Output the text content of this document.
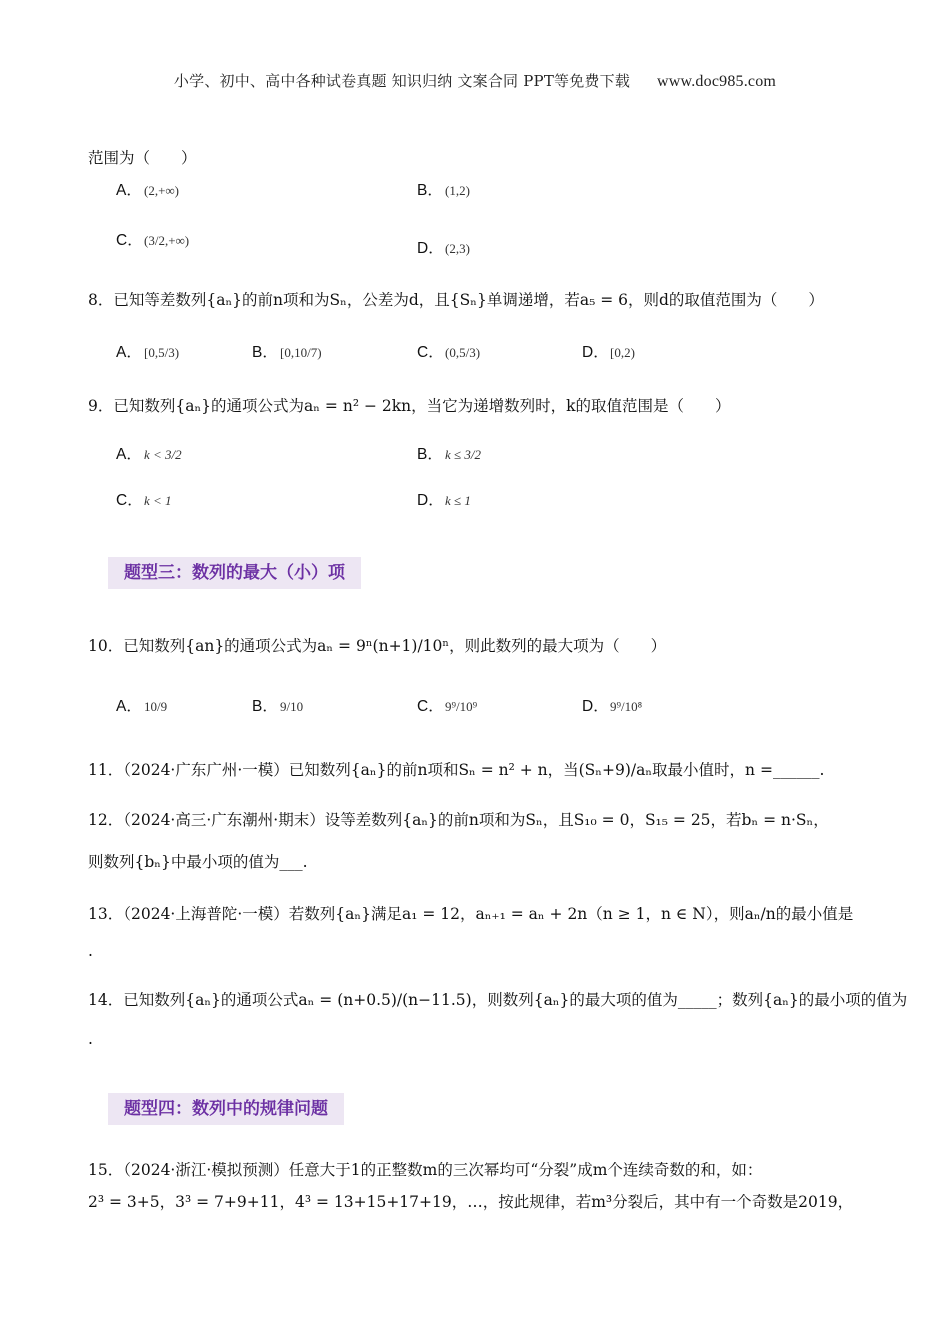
小学、初中、高中各种试卷真题 知识归纳 文案合同 PPT等免费下载 www.doc985.com
范围为（　　）
A． (2,+∞)	B． (1,2)
C．(3/2,+∞)	D．(2,3)
8．已知等差数列{aₙ}的前n项和为Sₙ，公差为d，且{Sₙ}单调递增，若a₅ = 6，则d的取值范围为（　　）
A． [0,5/3)	B． [0,10/7)	C．(0,5/3)	D．[0,2)
9．已知数列{aₙ}的通项公式为aₙ = n² − 2kn，当它为递增数列时，k的取值范围是（　　）
A． k < 3/2	B． k ≤ 3/2
C．k < 1	D．k ≤ 1
题型三：数列的最大（小）项
10．已知数列{an}的通项公式为aₙ = 9ⁿ(n+1)/10ⁿ，则此数列的最大项为（　　）
A． 10/9	B． 9/10	C．9⁹/10⁹	D．9⁹/10⁸
11．（2024·广东广州·一模）已知数列{aₙ}的前n项和Sₙ = n² + n，当(Sₙ+9)/aₙ取最小值时，n =______.
12．（2024·高三·广东潮州·期末）设等差数列{aₙ}的前n项和为Sₙ，且S₁₀ = 0，S₁₅ = 25，若bₙ = n·Sₙ，
则数列{bₙ}中最小项的值为___.
13．（2024·上海普陀·一模）若数列{aₙ}满足a₁ = 12，aₙ₊₁ = aₙ + 2n（n ≥ 1，n ∈ N），则aₙ/n的最小值是
.
14．已知数列{aₙ}的通项公式aₙ = (n+0.5)/(n−11.5)，则数列{aₙ}的最大项的值为_____；数列{aₙ}的最小项的值为
.
题型四：数列中的规律问题
15．（2024·浙江·模拟预测）任意大于1的正整数m的三次幂均可“分裂”成m个连续奇数的和，如：
2³ = 3+5，3³ = 7+9+11，4³ = 13+15+17+19，…，按此规律，若m³分裂后，其中有一个奇数是2019，
